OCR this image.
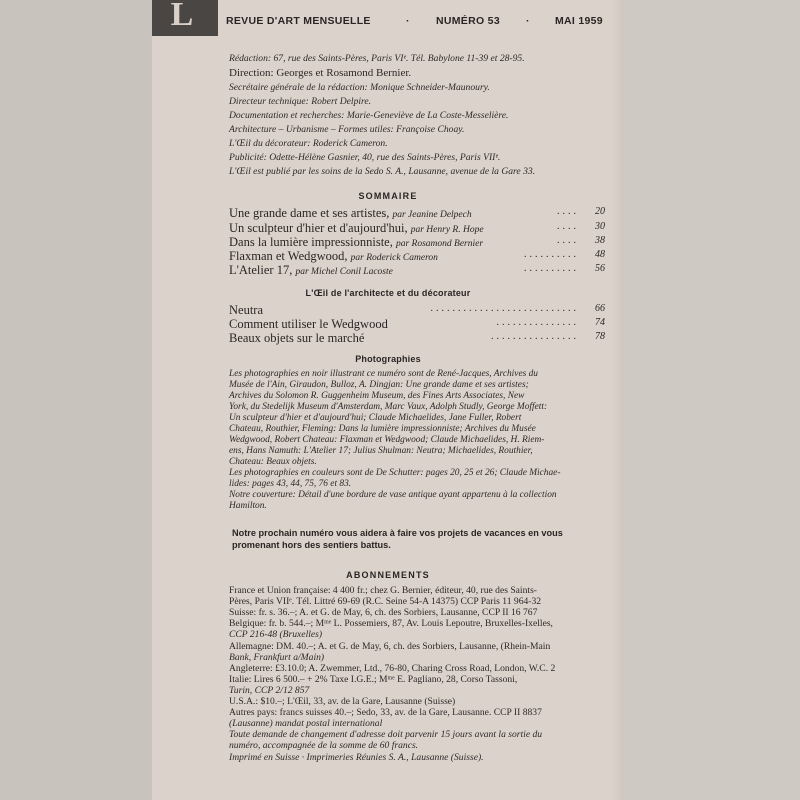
L	REVUE D'ART MENSUELLE	· NUMÉRO 53 · MAI 1959
Rédaction: 67, rue des Saints-Pères, Paris VIᵉ. Tél. Babylone 11-39 et 28-95.
Direction: Georges et Rosamond Bernier.
Secrétaire générale de la rédaction: Monique Schneider-Maunoury.
Directeur technique: Robert Delpire.
Documentation et recherches: Marie-Geneviève de La Coste-Messelière.
Architecture – Urbanisme – Formes utiles: Françoise Choay.
L'Œil du décorateur: Roderick Cameron.
Publicité: Odette-Hélène Gasnier, 40, rue des Saints-Pères, Paris VIIᵉ.
L'Œil est publié par les soins de la Sedo S. A., Lausanne, avenue de la Gare 33.
SOMMAIRE
Une grande dame et ses artistes, par Jeanine Delpech	....	20
Un sculpteur d'hier et d'aujourd'hui, par Henry R. Hope	....	30
Dans la lumière impressionniste, par Rosamond Bernier	....	38
Flaxman et Wedgwood, par Roderick Cameron	..........	48
L'Atelier 17, par Michel Conil Lacoste	..........	56
L'Œil de l'architecte et du décorateur
Neutra	...........................	66
Comment utiliser le Wedgwood	...............	74
Beaux objets sur le marché	................	78
Photographies
Les photographies en noir illustrant ce numéro sont de René-Jacques, Archives du
Musée de l'Ain, Giraudon, Bulloz, A. Dingjan: Une grande dame et ses artistes;
Archives du Solomon R. Guggenheim Museum, des Fines Arts Associates, New
York, du Stedelijk Museum d'Amsterdam, Marc Vaux, Adolph Studly, George Moffett:
Un sculpteur d'hier et d'aujourd'hui; Claude Michaelides, Jane Fuller, Robert
Chateau, Routhier, Fleming: Dans la lumière impressionniste; Archives du Musée
Wedgwood, Robert Chateau: Flaxman et Wedgwood; Claude Michaelides, H. Riem-
ens, Hans Namuth: L'Atelier 17; Julius Shulman: Neutra; Michaelides, Routhier,
Chateau: Beaux objets.
Les photographies en couleurs sont de De Schutter: pages 20, 25 et 26; Claude Michae-
lides: pages 43, 44, 75, 76 et 83.
Notre couverture: Détail d'une bordure de vase antique ayant appartenu à la collection
Hamilton.
Notre prochain numéro vous aidera à faire vos projets de vacances en vous
promenant hors des sentiers battus.
ABONNEMENTS
France et Union française: 4 400 fr.; chez G. Bernier, éditeur, 40, rue des Saints-
Pères, Paris VIIᵉ. Tél. Littré 69-69 (R.C. Seine 54-A 14375) CCP Paris 11 964-32
Suisse: fr. s. 36.–; A. et G. de May, 6, ch. des Sorbiers, Lausanne, CCP II 16 767
Belgique: fr. b. 544.–; Mᵐᵉ L. Possemiers, 87, Av. Louis Lepoutre, Bruxelles-Ixelles,
CCP 216-48 (Bruxelles)
Allemagne: DM. 40.–; A. et G. de May, 6, ch. des Sorbiers, Lausanne, (Rhein-Main
Bank, Frankfurt a/Main)
Angleterre: £3.10.0; A. Zwemmer, Ltd., 76-80, Charing Cross Road, London, W.C. 2
Italie: Lires 6 500.– + 2% Taxe I.G.E.; Mᵐᵉ E. Pagliano, 28, Corso Tassoni,
Turin, CCP 2/12 857
U.S.A.: $10.–; L'Œil, 33, av. de la Gare, Lausanne (Suisse)
Autres pays: francs suisses 40.–; Sedo, 33, av. de la Gare, Lausanne. CCP II 8837
(Lausanne) mandat postal international
Toute demande de changement d'adresse doit parvenir 15 jours avant la sortie du
numéro, accompagnée de la somme de 60 francs.
Imprimé en Suisse · Imprimeries Réunies S. A., Lausanne (Suisse).
